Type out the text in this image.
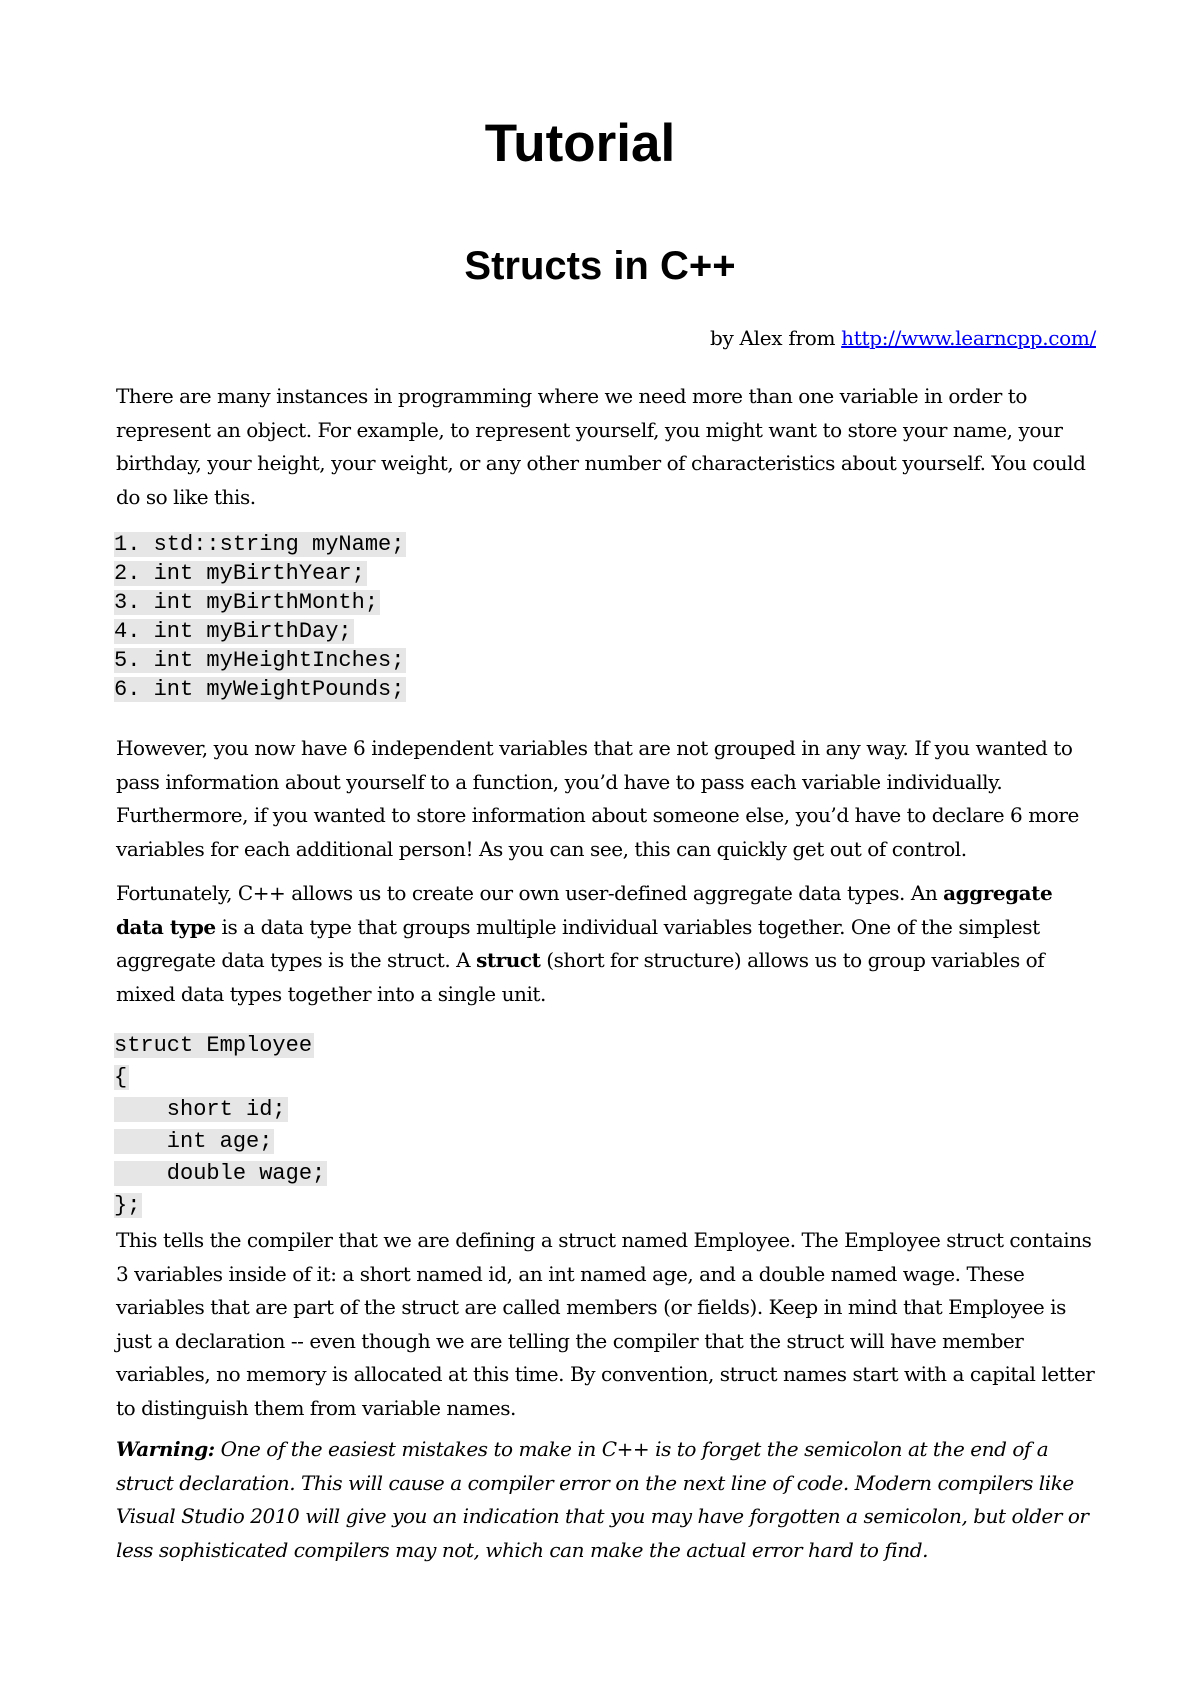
Tutorial
Structs in C++
by Alex from http://www.learncpp.com/

There are many instances in programming where we need more than one variable in order to represent an object. For example, to represent yourself, you might want to store your name, your birthday, your height, your weight, or any other number of characteristics about yourself. You could do so like this.

1. std::string myName;
2. int myBirthYear;
3. int myBirthMonth;
4. int myBirthDay;
5. int myHeightInches;
6. int myWeightPounds;

However, you now have 6 independent variables that are not grouped in any way. If you wanted to pass information about yourself to a function, you’d have to pass each variable individually. Furthermore, if you wanted to store information about someone else, you’d have to declare 6 more variables for each additional person! As you can see, this can quickly get out of control.

Fortunately, C++ allows us to create our own user-defined aggregate data types. An aggregate data type is a data type that groups multiple individual variables together. One of the simplest aggregate data types is the struct. A struct (short for structure) allows us to group variables of mixed data types together into a single unit.

struct Employee
{
short id;
int age;
double wage;
};

This tells the compiler that we are defining a struct named Employee. The Employee struct contains 3 variables inside of it: a short named id, an int named age, and a double named wage. These variables that are part of the struct are called members (or fields). Keep in mind that Employee is just a declaration -- even though we are telling the compiler that the struct will have member variables, no memory is allocated at this time. By convention, struct names start with a capital letter to distinguish them from variable names.

Warning: One of the easiest mistakes to make in C++ is to forget the semicolon at the end of a struct declaration. This will cause a compiler error on the next line of code. Modern compilers like Visual Studio 2010 will give you an indication that you may have forgotten a semicolon, but older or less sophisticated compilers may not, which can make the actual error hard to find.
